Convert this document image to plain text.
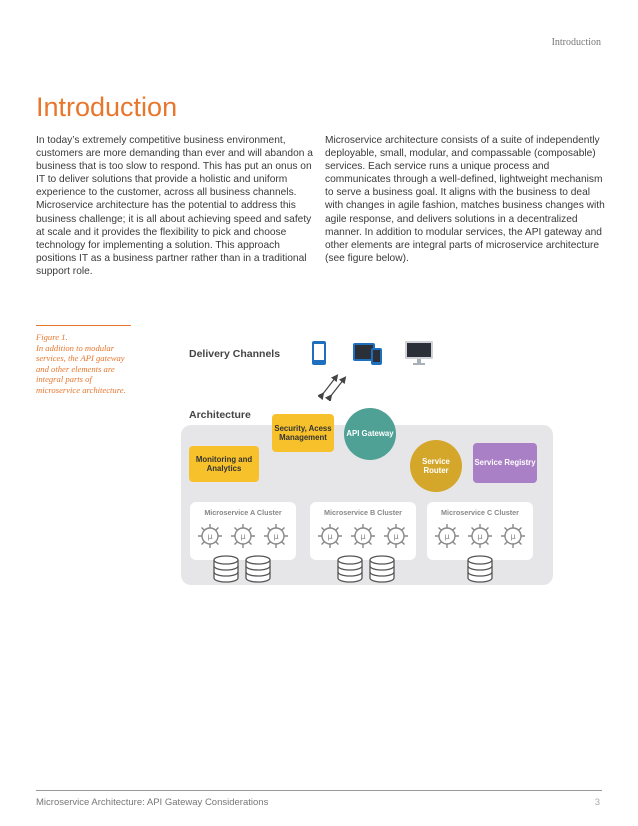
Introduction
Introduction

In today’s extremely competitive business environment, customers are more demanding than ever and will abandon a business that is too slow to respond. This has put an onus on IT to deliver solutions that provide a holistic and uniform experience to the customer, across all business channels. Microservice architecture has the potential to address this business challenge; it is all about achieving speed and safety at scale and it provides the flexibility to pick and choose technology for implementing a solution. This approach positions IT as a business partner rather than in a traditional support role.

Microservice architecture consists of a suite of independently deployable, small, modular, and compassable (composable) services. Each service runs a unique process and communicates through a well-defined, lightweight mechanism to serve a business goal. It aligns with the business to deal with changes in agile fashion, matches business changes with agile response, and delivers solutions in a decentralized manner. In addition to modular services, the API gateway and other elements are integral parts of microservice architecture (see figure below).

Figure 1.
In addition to modular services, the API gateway and other elements are integral parts of microservice architecture.
Delivery Channels
Architecture
Security, Acess Management	API Gateway
Monitoring and Analytics
Service Router
Service Registry
Microservice A Cluster
μ	μ	μ
Microservice B Cluster
μ	μ	μ
Microservice C Cluster
μ	μ	μ
Microservice Architecture: API Gateway Considerations	3
